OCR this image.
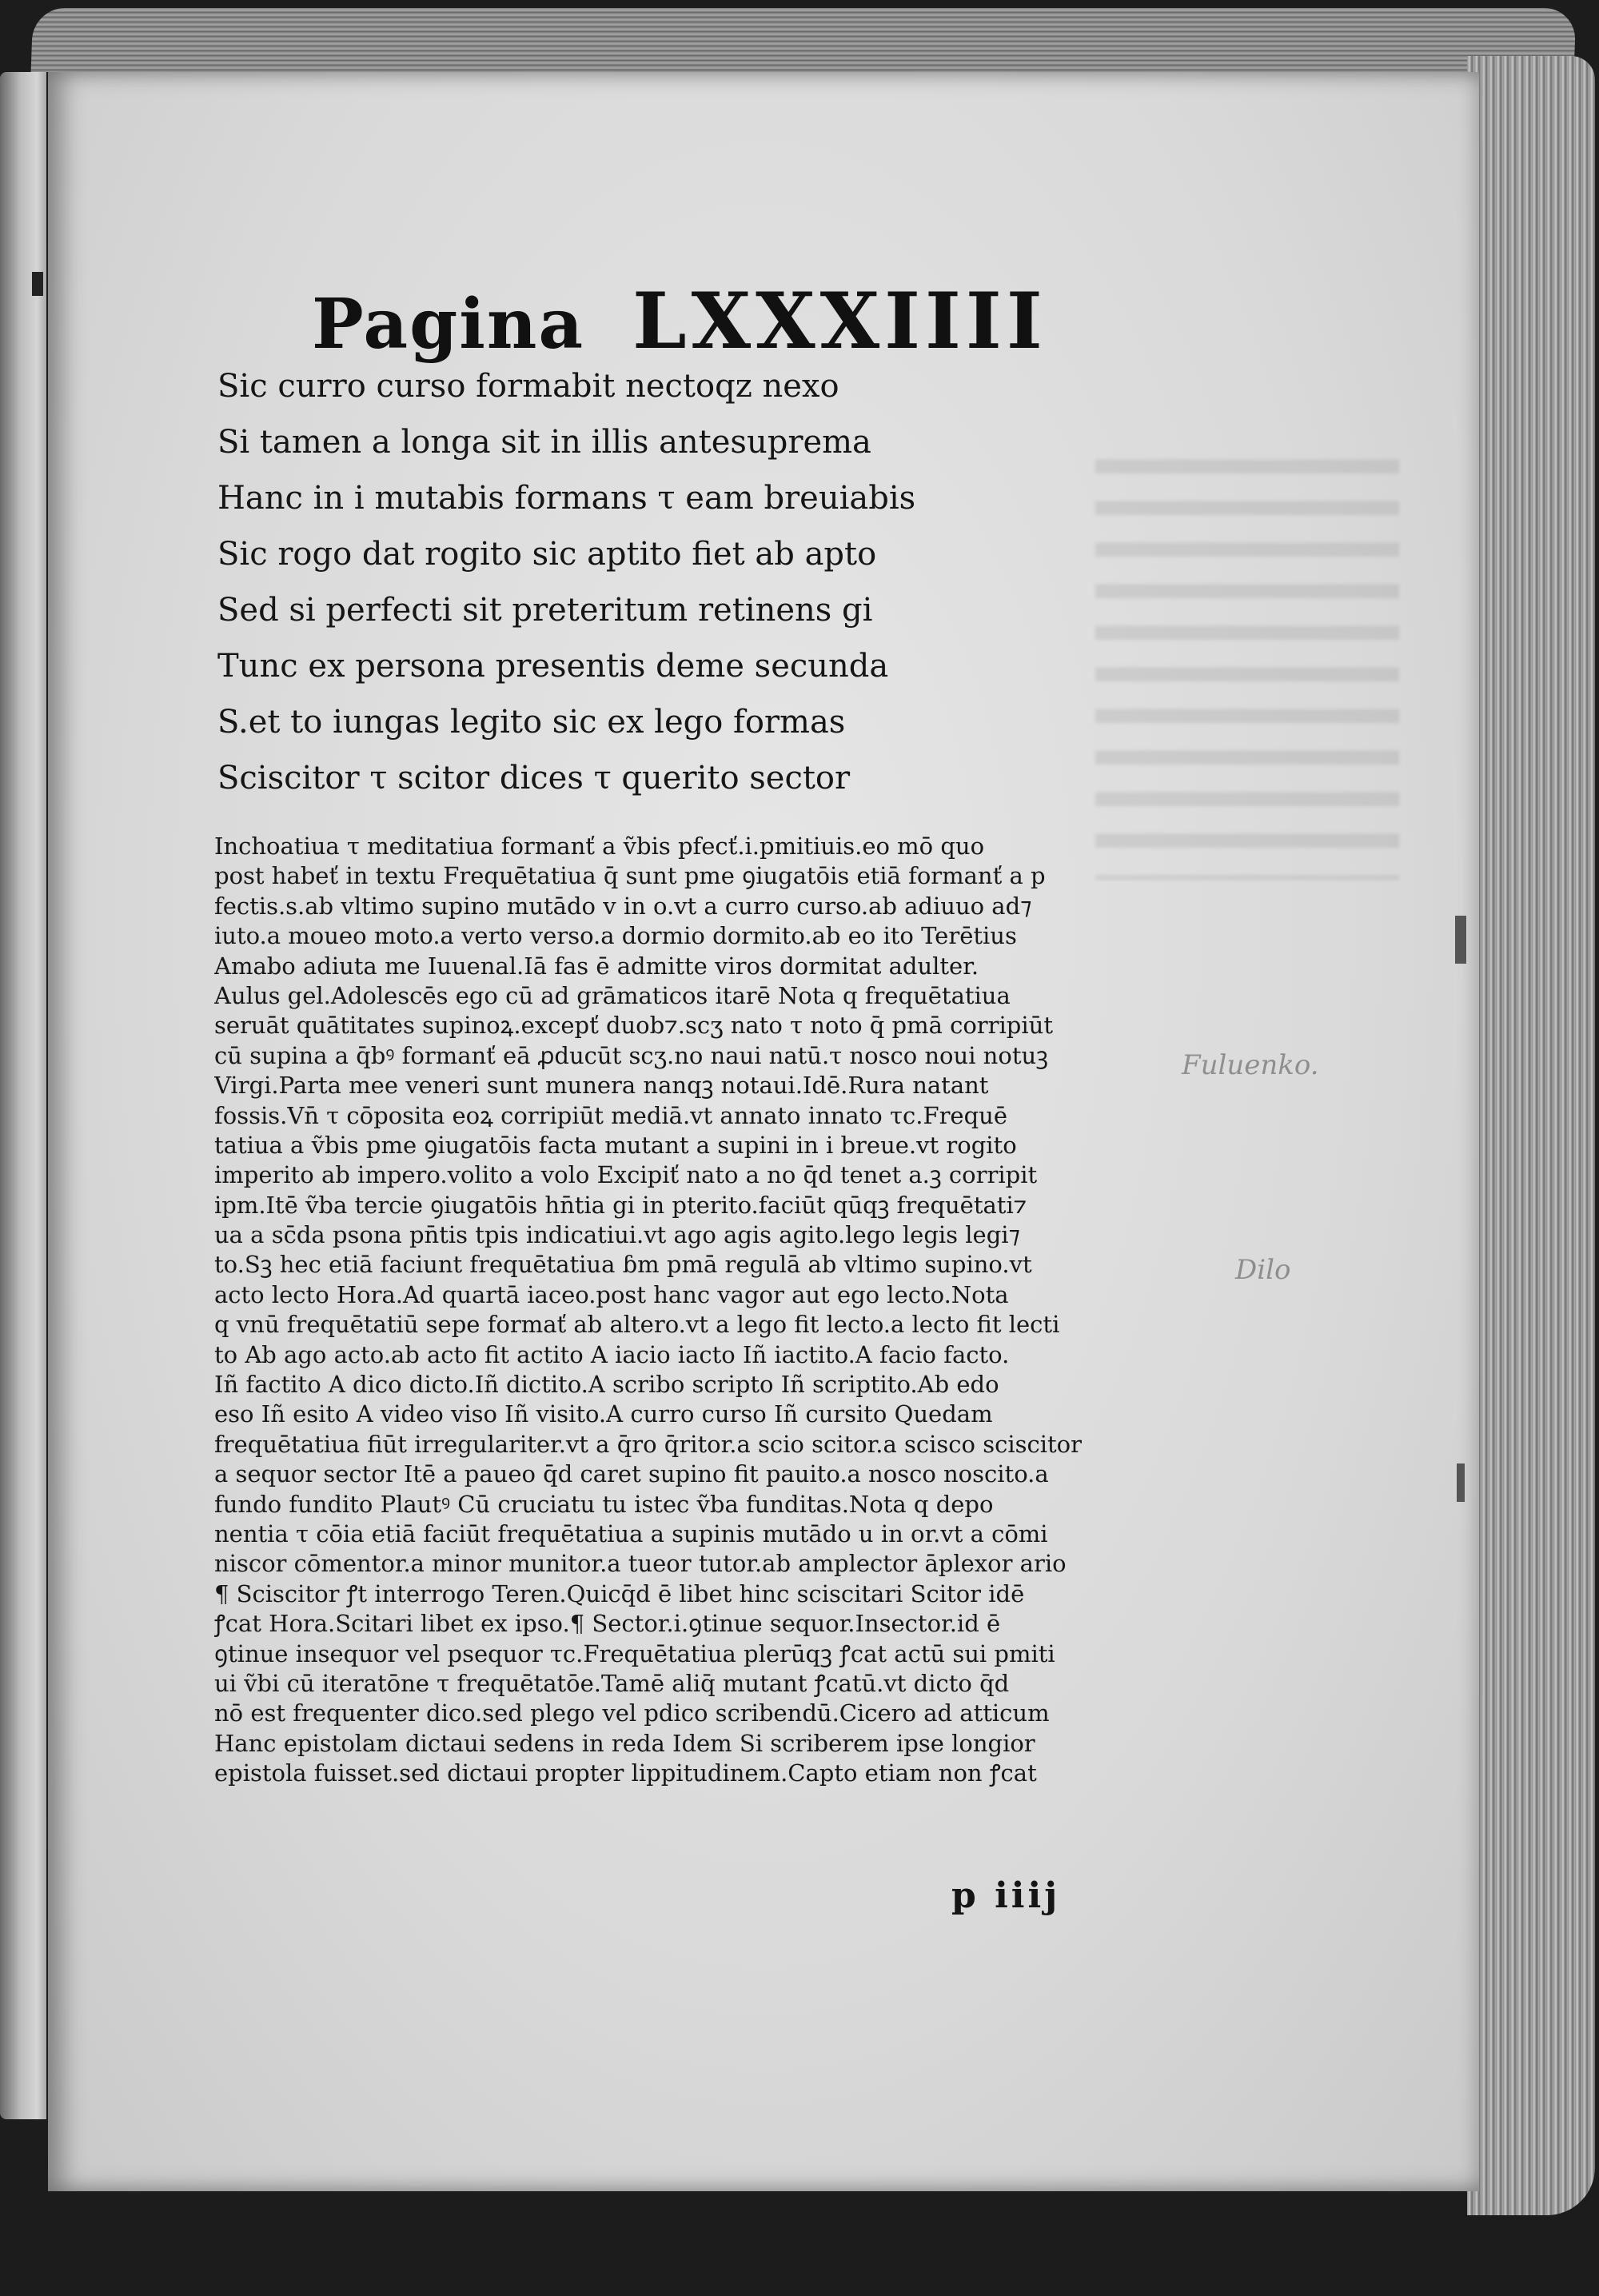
Fuluenko.
Dilo
Pagina LXXXIIII
Sic curro curso formabit nectoqz nexo
Si tamen a longa sit in illis antesuprema
Hanc in i mutabis formans τ eam breuiabis
Sic rogo dat rogito sic aptito fiet ab apto
Sed si perfecti sit preteritum retinens gi
Tunc ex persona presentis deme secunda
S.et to iungas legito sic ex lego formas
Sciscitor τ scitor dices τ querito sector
Inchoatiua τ meditatiua formanť a ṽbis pfecť.i.pmitiuis.eo mō quo
post habeť in textu Frequētatiua q̄ sunt pme ꝯiugatōis etiā formanť a p
fectis.s.ab vltimo supino mutādo v in o.vt a curro curso.ab adiuuo ad⁊
iuto.a moueo moto.a verto verso.a dormio dormito.ab eo ito Terētius
Amabo adiuta me Iuuenal.Iā fas ē admitte viros dormitat adulter.
Aulus gel.Adolescēs ego cū ad grāmaticos itarē Nota q frequētatiua
seruāt quātitates supinoꝝ.excepť duob⁊.scʒ nato τ noto q̄ pmā corripiūt
cū supina a q̄bꝰ formanť eā ꝓducūt scʒ.no naui natū.τ nosco noui notuꝫ
Virgi.Parta mee veneri sunt munera nanqꝫ notaui.Idē.Rura natant
fossis.Vn̄ τ cōposita eoꝝ corripiūt mediā.vt annato innato τc.Frequē
tatiua a ṽbis pme ꝯiugatōis facta mutant a supini in i breue.vt rogito
imperito ab impero.volito a volo Excipiť nato a no q̄d tenet a.ꝫ corripit
ipm.Itē ṽba tercie ꝯiugatōis hn̄tia gi in pterito.faciūt qūqꝫ frequētati⁊
ua a sc̄da psona pn̄tis tpis indicatiui.vt ago agis agito.lego legis legi⁊
to.Sꝫ hec etiā faciunt frequētatiua ɓm pmā regulā ab vltimo supino.vt
acto lecto Hora.Ad quartā iaceo.post hanc vagor aut ego lecto.Nota
q vnū frequētatiū sepe formať ab altero.vt a lego fit lecto.a lecto fit lecti
to Ab ago acto.ab acto fit actito A iacio iacto Iñ iactito.A facio facto.
Iñ factito A dico dicto.Iñ dictito.A scribo scripto Iñ scriptito.Ab edo
eso Iñ esito A video viso Iñ visito.A curro curso Iñ cursito Quedam
frequētatiua fiūt irregulariter.vt a q̄ro q̄ritor.a scio scitor.a scisco sciscitor
a sequor sector Itē a paueo q̄d caret supino fit pauito.a nosco noscito.a
fundo fundito Plautꝰ Cū cruciatu tu istec ṽba funditas.Nota q depo
nentia τ cōia etiā faciūt frequētatiua a supinis mutādo u in or.vt a cōmi
niscor cōmentor.a minor munitor.a tueor tutor.ab amplector āplexor ario
¶ Sciscitor ꝭt interrogo Teren.Quicq̄d ē libet hinc sciscitari Scitor idē
ꝭcat Hora.Scitari libet ex ipso.¶ Sector.i.ꝯtinue sequor.Insector.id ē
ꝯtinue insequor vel psequor τc.Frequētatiua plerūqꝫ ꝭcat actū sui pmiti
ui ṽbi cū iteratōne τ frequētatōe.Tamē aliq̄ mutant ꝭcatū.vt dicto q̄d
nō est frequenter dico.sed plego vel pdico scribendū.Cicero ad atticum
Hanc epistolam dictaui sedens in reda Idem Si scriberem ipse longior
epistola fuisset.sed dictaui propter lippitudinem.Capto etiam non ꝭcat
p iiij
